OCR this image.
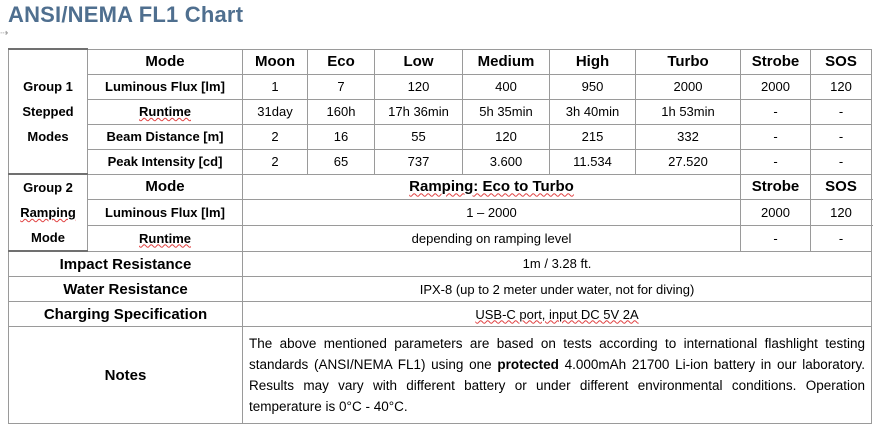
ANSI/NEMA FL1 Chart
⇢
Group 1
Stepped
Modes	Mode	Moon	Eco	Low	Medium	High	Turbo	Strobe	SOS
	Luminous Flux [lm]	1	7	120	400	950	2000	2000	120
	Runtime	31day	160h	17h 36min	5h 35min	3h 40min	1h 53min	-	-
	Beam Distance [m]	2	16	55	120	215	332	-	-
	Peak Intensity [cd]	2	65	737	3.600	11.534	27.520	-	-

Group 2
Ramping
Mode	Mode	Ramping: Eco to Turbo						Strobe	SOS
	Luminous Flux [lm]	1 – 2000						2000	120
	Runtime	depending on ramping level						-	-
Impact Resistance		1m / 3.28 ft.							
Water Resistance		IPX-8 (up to 2 meter under water, not for diving)							
Charging Specification		USB-C port, input DC 5V 2A							
Notes		The above mentioned parameters are based on tests according to international flashlight testing standards (ANSI/NEMA FL1) using one protected 4.000mAh 21700 Li-ion battery in our laboratory. Results may vary with different battery or under different environmental conditions. Operation temperature is 0°C - 40°C.							
